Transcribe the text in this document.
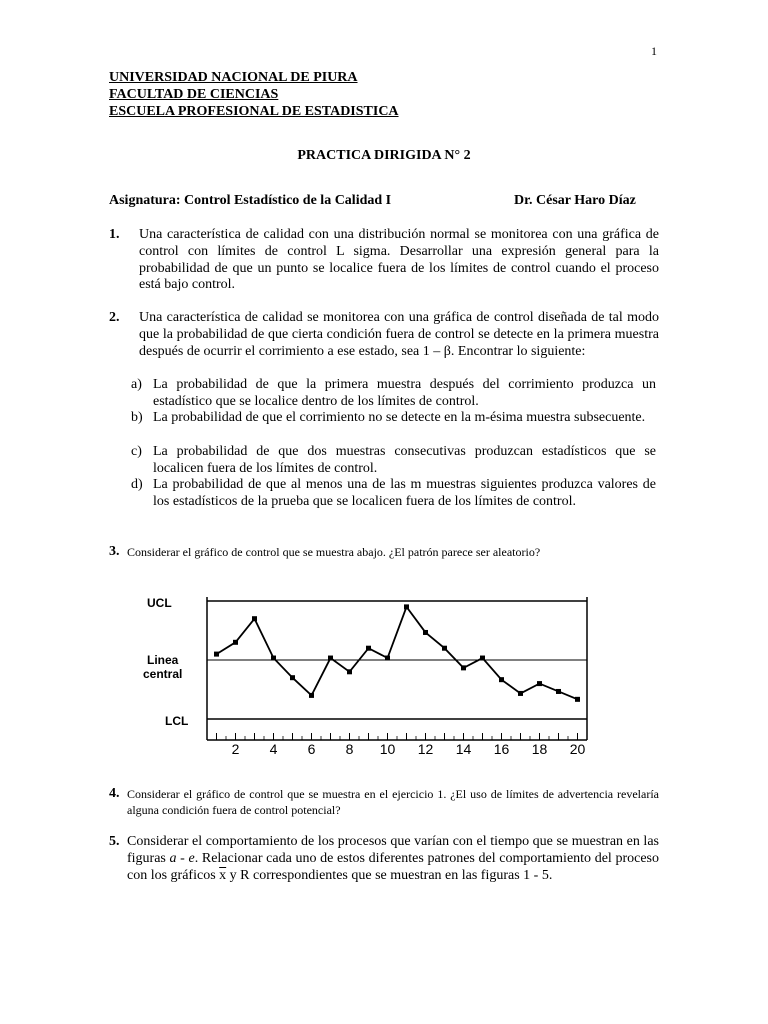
1
UNIVERSIDAD NACIONAL DE PIURA
FACULTAD DE CIENCIAS
ESCUELA PROFESIONAL DE ESTADISTICA
PRACTICA DIRIGIDA N° 2
Asignatura: Control Estadístico de la Calidad I	Dr. César Haro Díaz
1. Una característica de calidad con una distribución normal se monitorea con una gráfica de control con límites de control L sigma. Desarrollar una expresión general para la probabilidad de que un punto se localice fuera de los límites de control cuando el proceso está bajo control.
2. Una característica de calidad se monitorea con una gráfica de control diseñada de tal modo que la probabilidad de que cierta condición fuera de control se detecte en la primera muestra después de ocurrir el corrimiento a ese estado, sea 1 – β. Encontrar lo siguiente:
a) La probabilidad de que la primera muestra después del corrimiento produzca un estadístico que se localice dentro de los límites de control.
b) La probabilidad de que el corrimiento no se detecte en la m-ésima muestra subsecuente.
c) La probabilidad de que dos muestras consecutivas produzcan estadísticos que se localicen fuera de los límites de control.
d) La probabilidad de que al menos una de las m muestras siguientes produzca valores de los estadísticos de la prueba que se localicen fuera de los límites de control.
3. Considerar el gráfico de control que se muestra abajo. ¿El patrón parece ser aleatorio?
UCL
Linea
central
LCL
2 4 6 8 10 12 14 16 18 20
4. Considerar el gráfico de control que se muestra en el ejercicio 1. ¿El uso de límites de advertencia revelaría alguna condición fuera de control potencial?
5. Considerar el comportamiento de los procesos que varían con el tiempo que se muestran en las figuras a - e. Relacionar cada uno de estos diferentes patrones del comportamiento del proceso con los gráficos $\overline{x}$ y R correspondientes que se muestran en las figuras 1 - 5.
